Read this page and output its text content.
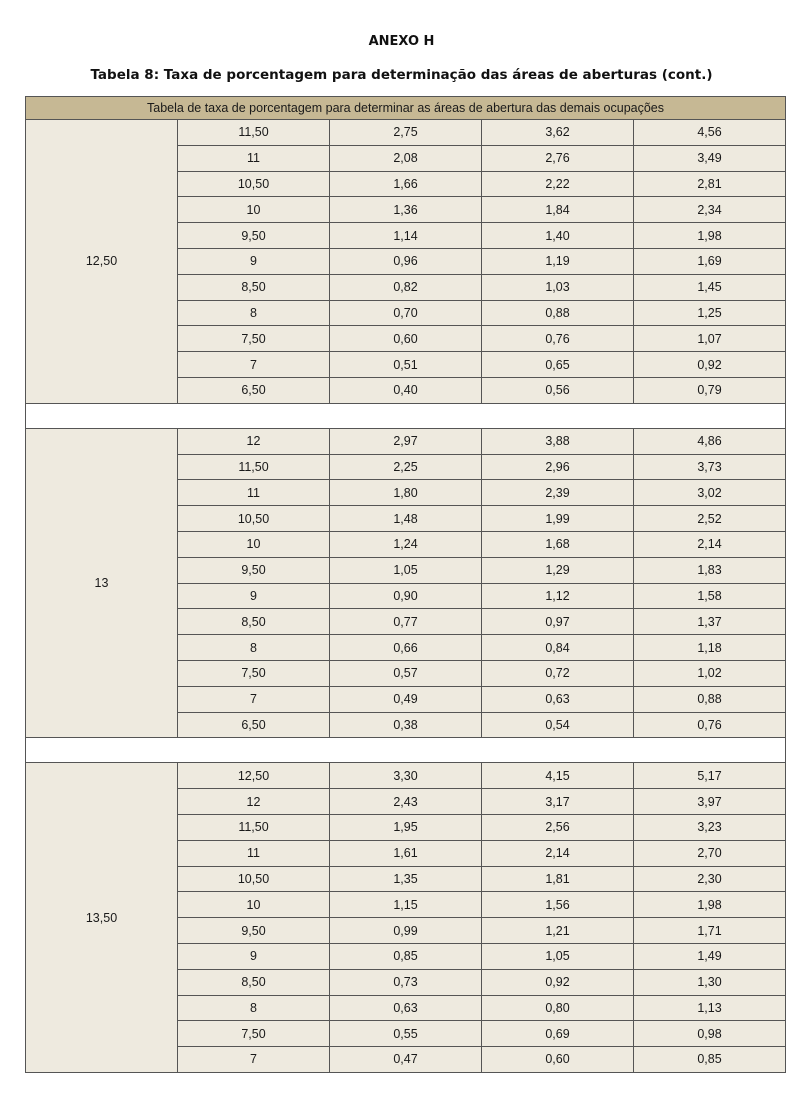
ANEXO H
Tabela 8: Taxa de porcentagem para determinação das áreas de aberturas (cont.)
Tabela de taxa de porcentagem para determinar as áreas de abertura das demais ocupações				
12,50	11,50	2,75	3,62	4,56
	11	2,08	2,76	3,49
	10,50	1,66	2,22	2,81
	10	1,36	1,84	2,34
	9,50	1,14	1,40	1,98
	9	0,96	1,19	1,69
	8,50	0,82	1,03	1,45
	8	0,70	0,88	1,25
	7,50	0,60	0,76	1,07
	7	0,51	0,65	0,92
	6,50	0,40	0,56	0,79

13	12	2,97	3,88	4,86
	11,50	2,25	2,96	3,73
	11	1,80	2,39	3,02
	10,50	1,48	1,99	2,52
	10	1,24	1,68	2,14
	9,50	1,05	1,29	1,83
	9	0,90	1,12	1,58
	8,50	0,77	0,97	1,37
	8	0,66	0,84	1,18
	7,50	0,57	0,72	1,02
	7	0,49	0,63	0,88
	6,50	0,38	0,54	0,76

13,50	12,50	3,30	4,15	5,17
	12	2,43	3,17	3,97
	11,50	1,95	2,56	3,23
	11	1,61	2,14	2,70
	10,50	1,35	1,81	2,30
	10	1,15	1,56	1,98
	9,50	0,99	1,21	1,71
	9	0,85	1,05	1,49
	8,50	0,73	0,92	1,30
	8	0,63	0,80	1,13
	7,50	0,55	0,69	0,98
	7	0,47	0,60	0,85
